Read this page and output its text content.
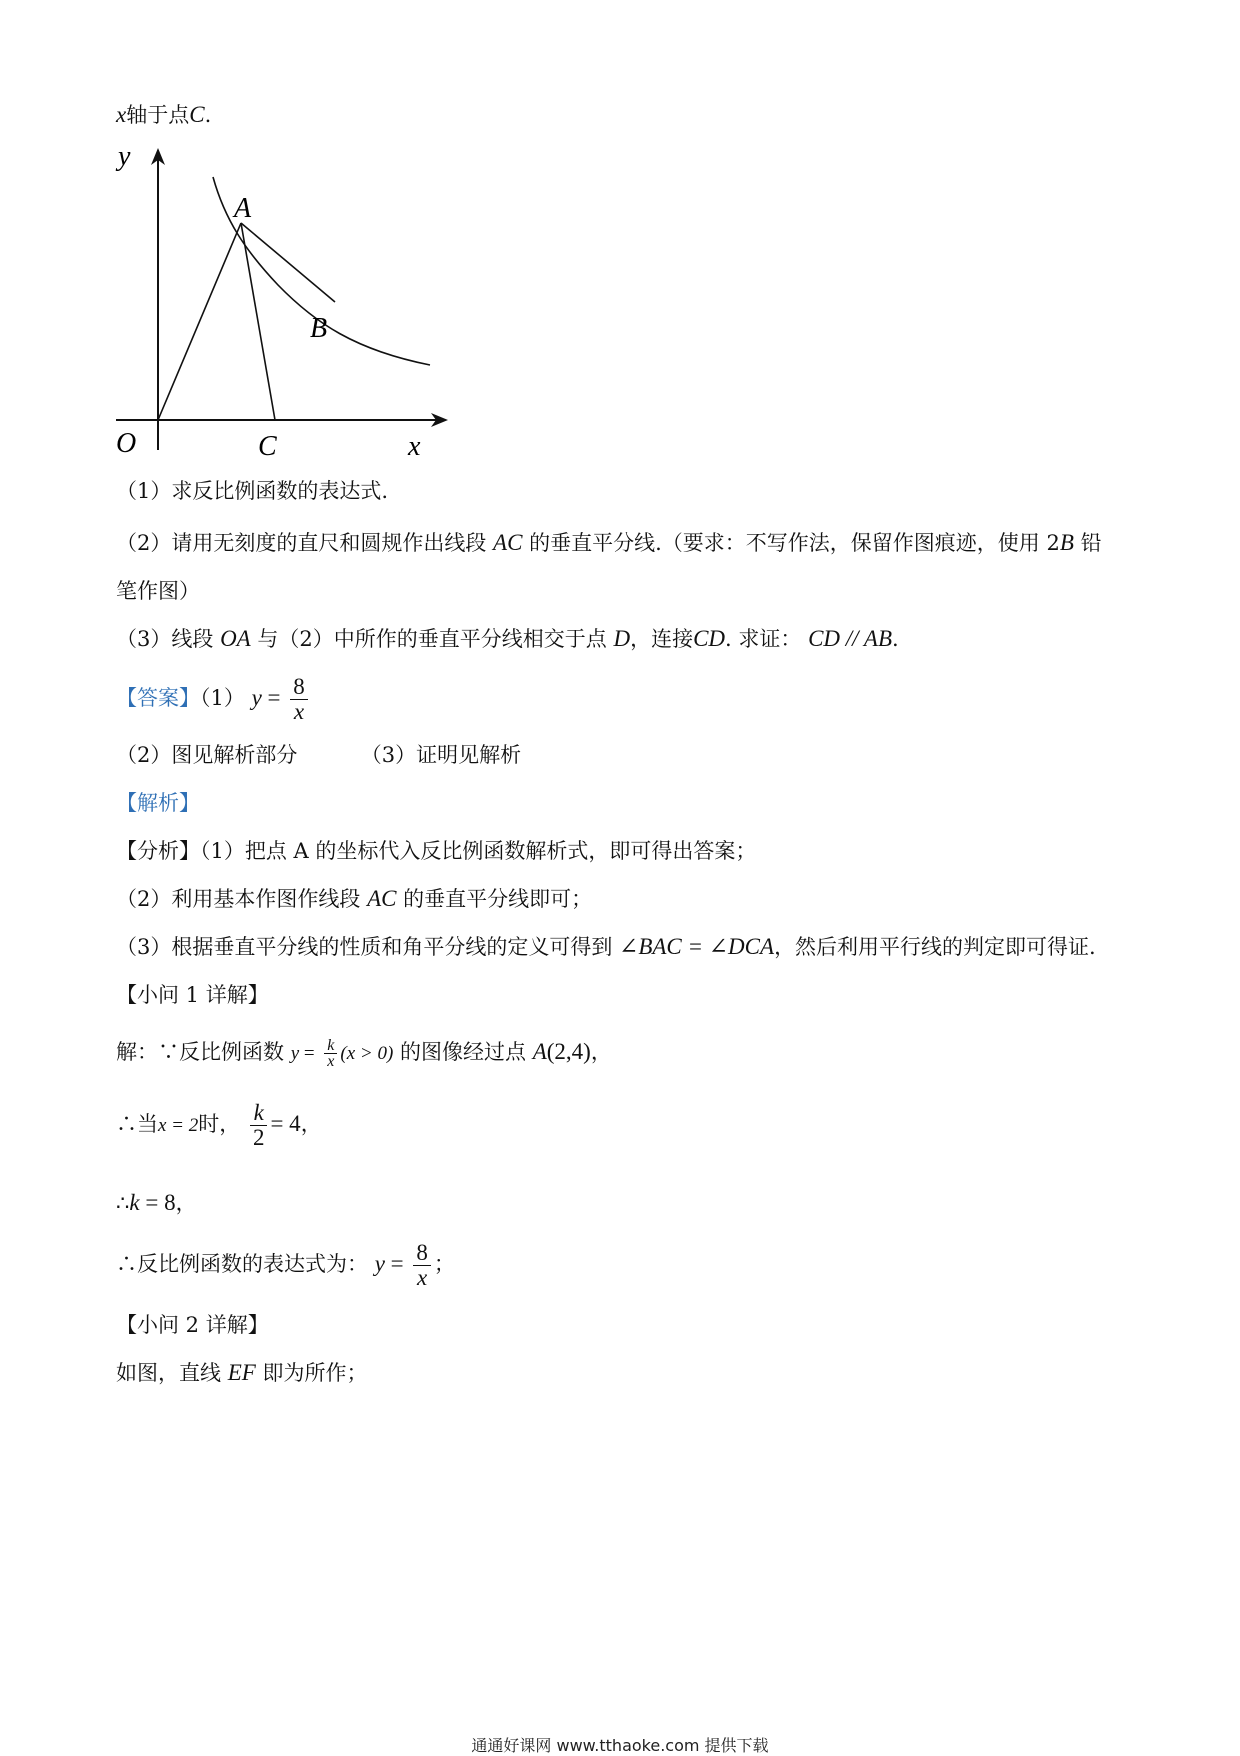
x轴于点C.
y
x
O
A
B
C
（1）求反比例函数的表达式.
（2）请用无刻度的直尺和圆规作出线段 AC 的垂直平分线.（要求：不写作法，保留作图痕迹，使用 2B 铅
笔作图）
（3）线段 OA 与（2）中所作的垂直平分线相交于点 D，连接CD. 求证： CD // AB.
【答案】（1） $y = \frac{8}{x}$
（2）图见解析部分	（3）证明见解析
【解析】
【分析】（1）把点 A 的坐标代入反比例函数解析式，即可得出答案；
（2）利用基本作图作线段 AC 的垂直平分线即可；
（3）根据垂直平分线的性质和角平分线的定义可得到 ∠BAC = ∠DCA，然后利用平行线的判定即可得证.
【小问 1 详解】
解：∵反比例函数 $y = \frac{k}{x} (x > 0)$ 的图像经过点 A(2,4)，
∴当x = 2时， $\frac{k}{2} = 4$，
∴k = 8，
∴反比例函数的表达式为： $y = \frac{8}{x}$ ；
【小问 2 详解】
如图，直线 EF 即为所作；
通通好课网 www.tthaoke.com 提供下载
